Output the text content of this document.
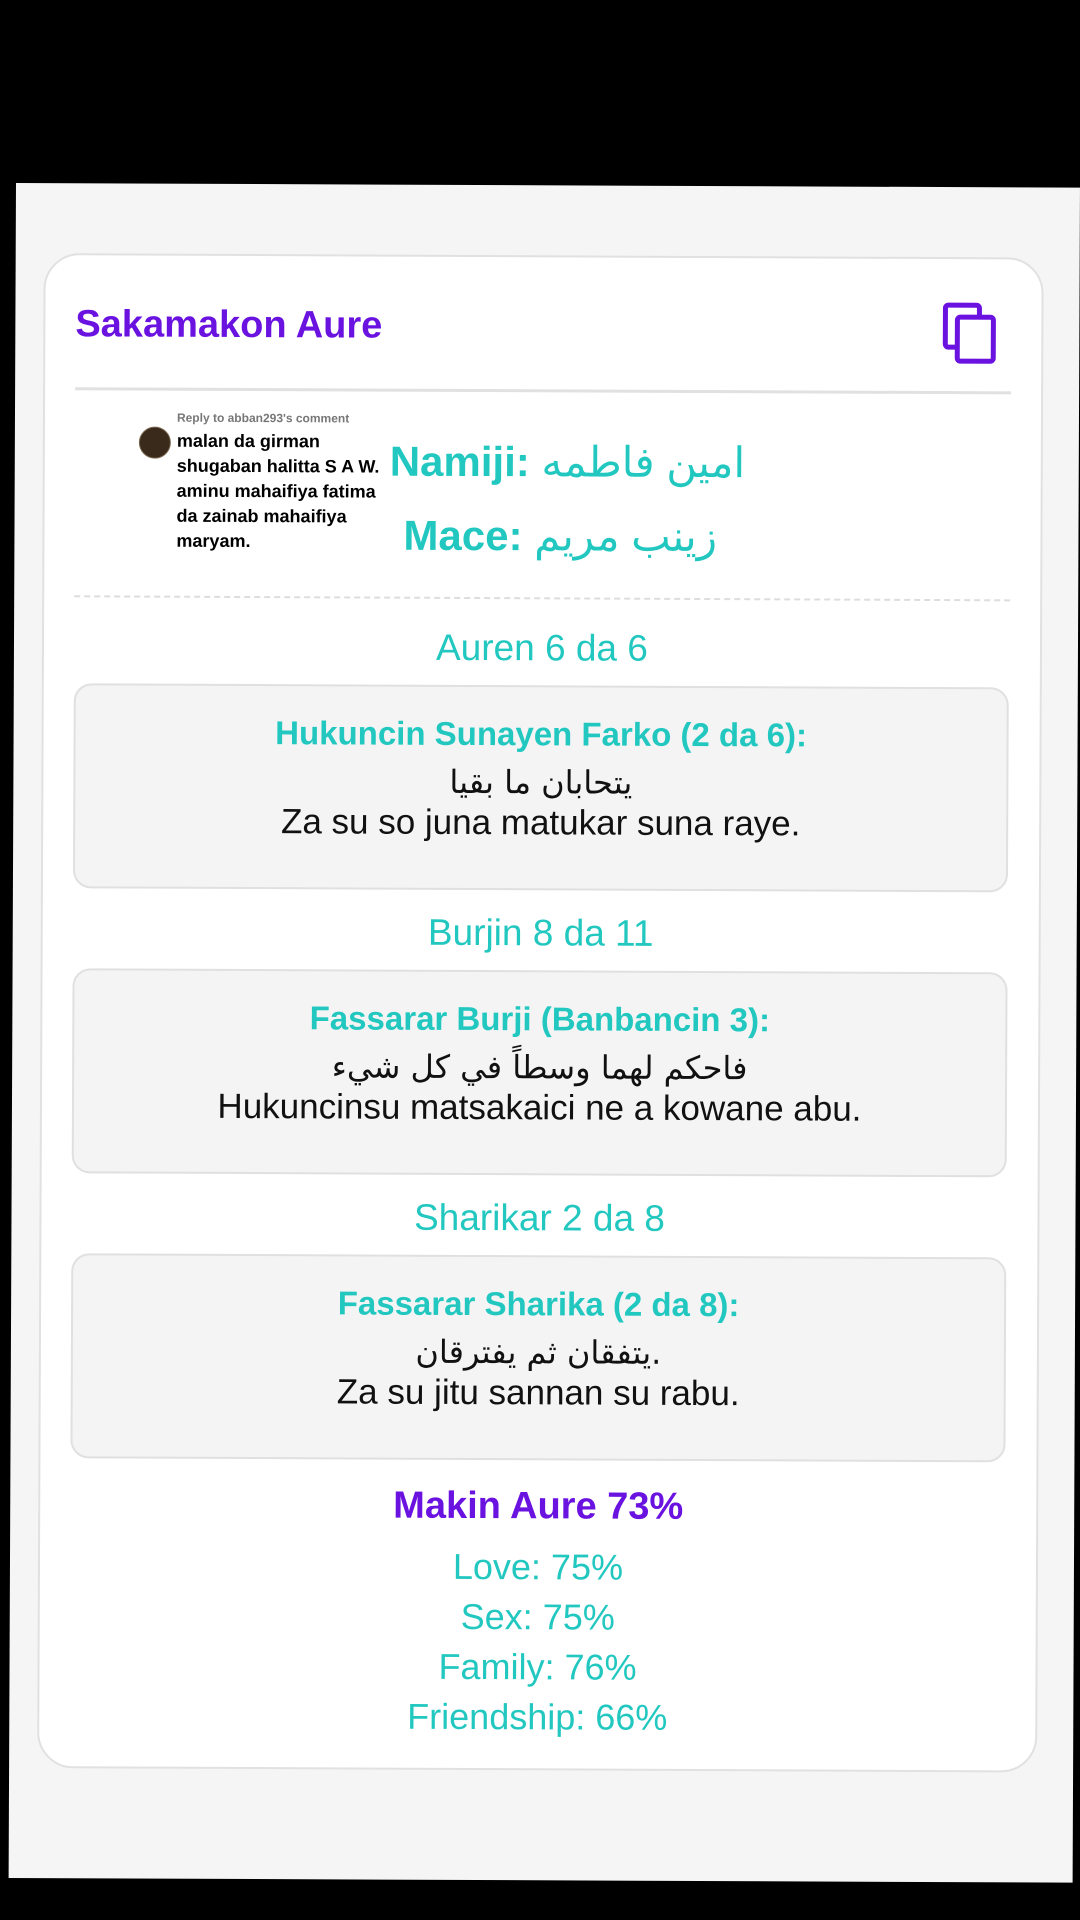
Sakamakon Aure
Reply to abban293's comment
malan da girman shugaban halitta S A W. aminu mahaifiya fatima da zainab mahaifiya maryam.
Namiji: امين فاطمه
Mace: زينب مريم
Auren 6 da 6
Hukuncin Sunayen Farko (2 da 6):
يتحابان ما بقيا
Za su so juna matukar suna raye.
Burjin 8 da 11
Fassarar Burji (Banbancin 3):
فاحكم لهما وسطاً في كل شيء
Hukuncinsu matsakaici ne a kowane abu.
Sharikar 2 da 8
Fassarar Sharika (2 da 8):
يتفقان ثم يفترقان.
Za su jitu sannan su rabu.
Makin Aure 73%
Love: 75%
Sex: 75%
Family: 76%
Friendship: 66%
